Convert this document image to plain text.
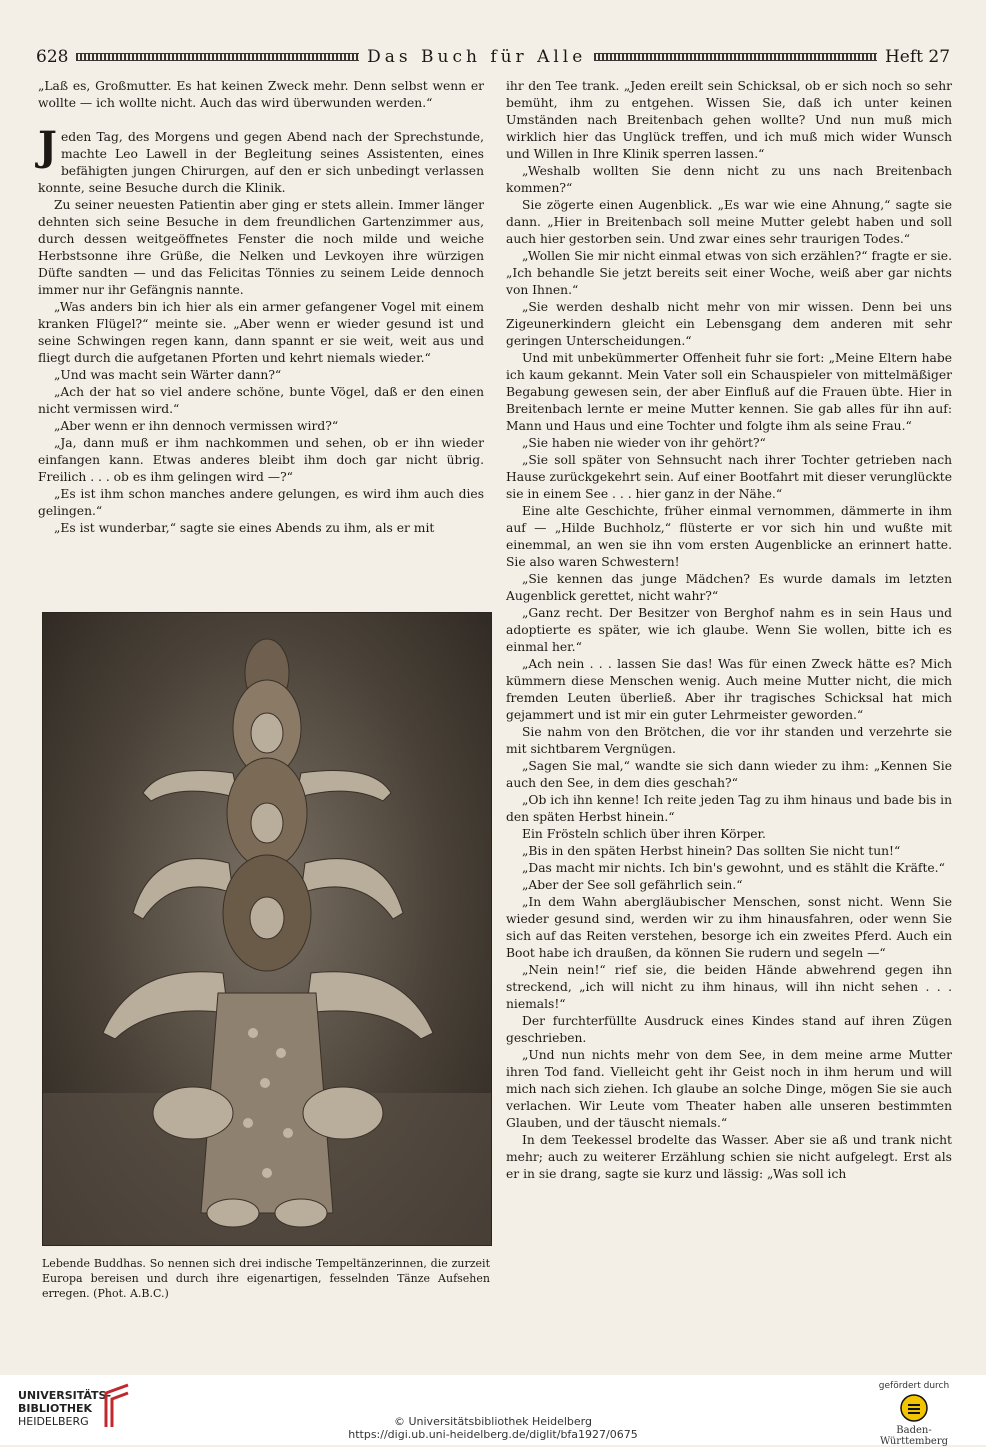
628	Das Buch für Alle	Heft 27

„Laß es, Großmutter. Es hat keinen Zweck mehr. Denn selbst wenn er wollte — ich wollte nicht. Auch das wird überwunden werden.“

Jeden Tag, des Morgens und gegen Abend nach der Sprechstunde, machte Leo Lawell in der Begleitung seines Assistenten, eines befähigten jungen Chirurgen, auf den er sich unbedingt verlassen konnte, seine Besuche durch die Klinik.

Zu seiner neuesten Patientin aber ging er stets allein. Immer länger dehnten sich seine Besuche in dem freundlichen Gartenzimmer aus, durch dessen weitgeöffnetes Fenster die noch milde und weiche Herbstsonne ihre Grüße, die Nelken und Levkoyen ihre würzigen Düfte sandten — und das Felicitas Tönnies zu seinem Leide dennoch immer nur ihr Gefängnis nannte.

„Was anders bin ich hier als ein armer gefangener Vogel mit einem kranken Flügel?“ meinte sie. „Aber wenn er wieder gesund ist und seine Schwingen regen kann, dann spannt er sie weit, weit aus und fliegt durch die aufgetanen Pforten und kehrt niemals wieder.“

„Und was macht sein Wärter dann?“

„Ach der hat so viel andere schöne, bunte Vögel, daß er den einen nicht vermissen wird.“

„Aber wenn er ihn dennoch vermissen wird?“

„Ja, dann muß er ihm nachkommen und sehen, ob er ihn wieder einfangen kann. Etwas anderes bleibt ihm doch gar nicht übrig. Freilich . . . ob es ihm gelingen wird —?“

„Es ist ihm schon manches andere gelungen, es wird ihm auch dies gelingen.“

„Es ist wunderbar,“ sagte sie eines Abends zu ihm, als er mit

Lebende Buddhas. So nennen sich drei indische Tempeltänzerinnen, die zurzeit Europa bereisen und durch ihre eigenartigen, fesselnden Tänze Aufsehen erregen. (Phot. A.B.C.)

ihr den Tee trank. „Jeden ereilt sein Schicksal, ob er sich noch so sehr bemüht, ihm zu entgehen. Wissen Sie, daß ich unter keinen Umständen nach Breitenbach gehen wollte? Und nun muß mich wirklich hier das Unglück treffen, und ich muß mich wider Wunsch und Willen in Ihre Klinik sperren lassen.“

„Weshalb wollten Sie denn nicht zu uns nach Breitenbach kommen?“

Sie zögerte einen Augenblick. „Es war wie eine Ahnung,“ sagte sie dann. „Hier in Breitenbach soll meine Mutter gelebt haben und soll auch hier gestorben sein. Und zwar eines sehr traurigen Todes.“

„Wollen Sie mir nicht einmal etwas von sich erzählen?“ fragte er sie. „Ich behandle Sie jetzt bereits seit einer Woche, weiß aber gar nichts von Ihnen.“

„Sie werden deshalb nicht mehr von mir wissen. Denn bei uns Zigeunerkindern gleicht ein Lebensgang dem anderen mit sehr geringen Unterscheidungen.“

Und mit unbekümmerter Offenheit fuhr sie fort: „Meine Eltern habe ich kaum gekannt. Mein Vater soll ein Schauspieler von mittelmäßiger Begabung gewesen sein, der aber Einfluß auf die Frauen übte. Hier in Breitenbach lernte er meine Mutter kennen. Sie gab alles für ihn auf: Mann und Haus und eine Tochter und folgte ihm als seine Frau.“

„Sie haben nie wieder von ihr gehört?“

„Sie soll später von Sehnsucht nach ihrer Tochter getrieben nach Hause zurückgekehrt sein. Auf einer Bootfahrt mit dieser verunglückte sie in einem See . . . hier ganz in der Nähe.“

Eine alte Geschichte, früher einmal vernommen, dämmerte in ihm auf — „Hilde Buchholz,“ flüsterte er vor sich hin und wußte mit einemmal, an wen sie ihn vom ersten Augenblicke an erinnert hatte. Sie also waren Schwestern!

„Sie kennen das junge Mädchen? Es wurde damals im letzten Augenblick gerettet, nicht wahr?“

„Ganz recht. Der Besitzer von Berghof nahm es in sein Haus und adoptierte es später, wie ich glaube. Wenn Sie wollen, bitte ich es einmal her.“

„Ach nein . . . lassen Sie das! Was für einen Zweck hätte es? Mich kümmern diese Menschen wenig. Auch meine Mutter nicht, die mich fremden Leuten überließ. Aber ihr tragisches Schicksal hat mich gejammert und ist mir ein guter Lehrmeister geworden.“

Sie nahm von den Brötchen, die vor ihr standen und verzehrte sie mit sichtbarem Vergnügen.

„Sagen Sie mal,“ wandte sie sich dann wieder zu ihm: „Kennen Sie auch den See, in dem dies geschah?“

„Ob ich ihn kenne! Ich reite jeden Tag zu ihm hinaus und bade bis in den späten Herbst hinein.“

Ein Frösteln schlich über ihren Körper.

„Bis in den späten Herbst hinein? Das sollten Sie nicht tun!“

„Das macht mir nichts. Ich bin's gewohnt, und es stählt die Kräfte.“

„Aber der See soll gefährlich sein.“

„In dem Wahn abergläubischer Menschen, sonst nicht. Wenn Sie wieder gesund sind, werden wir zu ihm hinausfahren, oder wenn Sie sich auf das Reiten verstehen, besorge ich ein zweites Pferd. Auch ein Boot habe ich draußen, da können Sie rudern und segeln —“

„Nein nein!“ rief sie, die beiden Hände abwehrend gegen ihn streckend, „ich will nicht zu ihm hinaus, will ihn nicht sehen . . . niemals!“

Der furchterfüllte Ausdruck eines Kindes stand auf ihren Zügen geschrieben.

„Und nun nichts mehr von dem See, in dem meine arme Mutter ihren Tod fand. Vielleicht geht ihr Geist noch in ihm herum und will mich nach sich ziehen. Ich glaube an solche Dinge, mögen Sie sie auch verlachen. Wir Leute vom Theater haben alle unseren bestimmten Glauben, und der täuscht niemals.“

In dem Teekessel brodelte das Wasser. Aber sie aß und trank nicht mehr; auch zu weiterer Erzählung schien sie nicht aufgelegt. Erst als er in sie drang, sagte sie kurz und lässig: „Was soll ich

UNIVERSITÄTS-
BIBLIOTHEK
HEIDELBERG	© Universitätsbibliothek Heidelberg
https://digi.ub.uni-heidelberg.de/diglit/bfa1927/0675
gefördert durch
Baden-Württemberg
